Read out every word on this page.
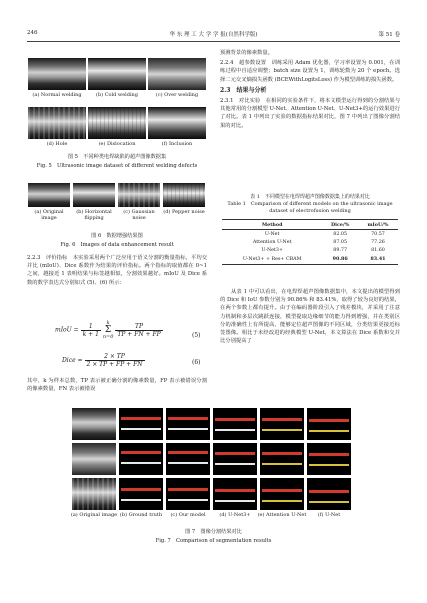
246	华 东 理 工 大 学 学 报(自然科学版)	第 51 卷
(a) Normal welding	(b) Cold welding	(c) Over welding
(d) Hole	(e) Dislocation	(f) Inclusion
图 5　不同种类电焊缺陷的超声图像数据集
Fig. 5　Ultrasonic image dataset of different welding defects
(a) Original image
(b) Horizontal flipping
(c) Gaussian noise
(d) Pepper noise
图 6　数据增强结果图
Fig. 6　Images of data enhancement result

2.2.3　评价指标　本实验采用两个广泛应用于语义分割的衡量指标，平均交并比 (mIoU)、Dice 系数作为结果的评价指标。两个指标的取值都在 0~1 之间，越接近 1 表明结果与标签越相似，分割效果越好。mIoU 及 Dice 系数的数学表达式分别如式 (5)、(6) 所示：

mIoU = $\frac{1}{k + 1}$
	k
Σ
n=0
$\frac{TP}{TP + FN + FP}$	(5)
Dice = $\frac{2 \times TP}{2 \times TP + FP + FN}$	(6)

其中，k 为样本总数，TP 表示被正确分割的像素数量，FP 表示被错误分割的像素数量，FN 表示被错误

预测背景的像素数量。

2.2.4　超参数设置　训练采用 Adam 优化器，学习率设置为 0.001，在训练过程中自适应调整；batch size 设置为 1，训练轮数为 20 个 epoch。选择二元交叉熵损失函数 (BCEWithLogitsLoss) 作为模型训练的损失函数。

2.3　结果与分析

2.3.1　对比实验　在相同的实验条件下，将本文模型运行得到的分割结果与其他常用的分割模型 U-Net、Attention U-Net、U-Net3+的运行效果进行了对比。表 1 中列出了实验的数据指标结果对比，图 7 中列出了图像分割结果的对比。

表 1　不同模型在电焊焊超声图像数据集上的结果对比
Table 1　Comparison of different models on the ultrasonic image dataset of electrofusion welding
Method	Dice/%	mIoU/%
U-Net	82.05	70.57
Attention U-Net	87.05	77.26
U-Net3+	89.77	81.60
U-Net3+ + Res+ CBAM	90.86	83.41

从表 1 中可以看出，在电焊焊超声图像数据集中，本文提出的模型得到的 Dice 和 IoU 参数分别为 90.86% 和 83.41%，取得了较为良好的结果，在两个参数上都有提升。由于在编码器阶段引入了残差模块，并采用了注意力机制和多层次跳跃连接，模型提取边缘细节的能力得到增强，并在类别区分的准确性上有所提高，能够定位超声图像的不同区域，分类结果更接近标签图像。相比于未经改进的经典模型 U-Net，本文算法在 Dice 系数和交并比分别提高了

(a) Original image (b) Ground truth	(c) Our model	(d) U-Net3+	(e) Attention U-Net	(f) U-Net
图 7　图像分割结果对比
Fig. 7　Comparison of segmentation results
